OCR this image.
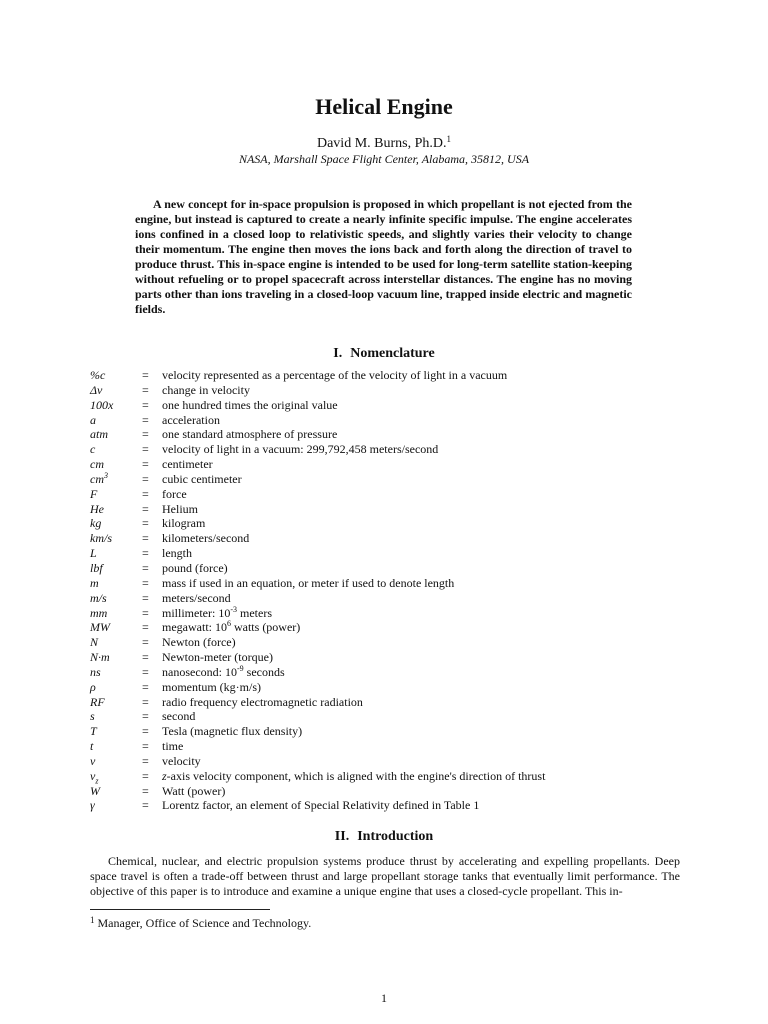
Helical Engine
David M. Burns, Ph.D.$^1$
NASA, Marshall Space Flight Center, Alabama, 35812, USA

A new concept for in-space propulsion is proposed in which propellant is not ejected from the engine, but instead is captured to create a nearly infinite specific impulse. The engine accelerates ions confined in a closed loop to relativistic speeds, and slightly varies their velocity to change their momentum. The engine then moves the ions back and forth along the direction of travel to produce thrust. This in-space engine is intended to be used for long-term satellite station-keeping without refueling or to propel spacecraft across interstellar distances. The engine has no moving parts other than ions traveling in a closed-loop vacuum line, trapped inside electric and magnetic fields.

I. Nomenclature
%c	=	velocity represented as a percentage of the velocity of light in a vacuum
Δv	=	change in velocity
100x	=	one hundred times the original value
a	=	acceleration
atm	=	one standard atmosphere of pressure
c	=	velocity of light in a vacuum: 299,792,458 meters/second
cm	=	centimeter
$cm^3$	=	cubic centimeter
F	=	force
He	=	Helium
kg	=	kilogram
km/s	=	kilometers/second
L	=	length
lbf	=	pound (force)
m	=	mass if used in an equation, or meter if used to denote length
m/s	=	meters/second
mm	=	millimeter: $10^{-3}$ meters
MW	=	megawatt: $10^6$ watts (power)
N	=	Newton (force)
N·m	=	Newton-meter (torque)
ns	=	nanosecond: $10^{-9}$ seconds
ρ	=	momentum (kg·m/s)
RF	=	radio frequency electromagnetic radiation
s	=	second
T	=	Tesla (magnetic flux density)
t	=	time
v	=	velocity
$v_z$	=	z-axis velocity component, which is aligned with the engine's direction of thrust
W	=	Watt (power)
γ	=	Lorentz factor, an element of Special Relativity defined in Table 1
II. Introduction

Chemical, nuclear, and electric propulsion systems produce thrust by accelerating and expelling propellants. Deep space travel is often a trade-off between thrust and large propellant storage tanks that eventually limit performance. The objective of this paper is to introduce and examine a unique engine that uses a closed-cycle propellant. This in-

$^1$ Manager, Office of Science and Technology.
1
